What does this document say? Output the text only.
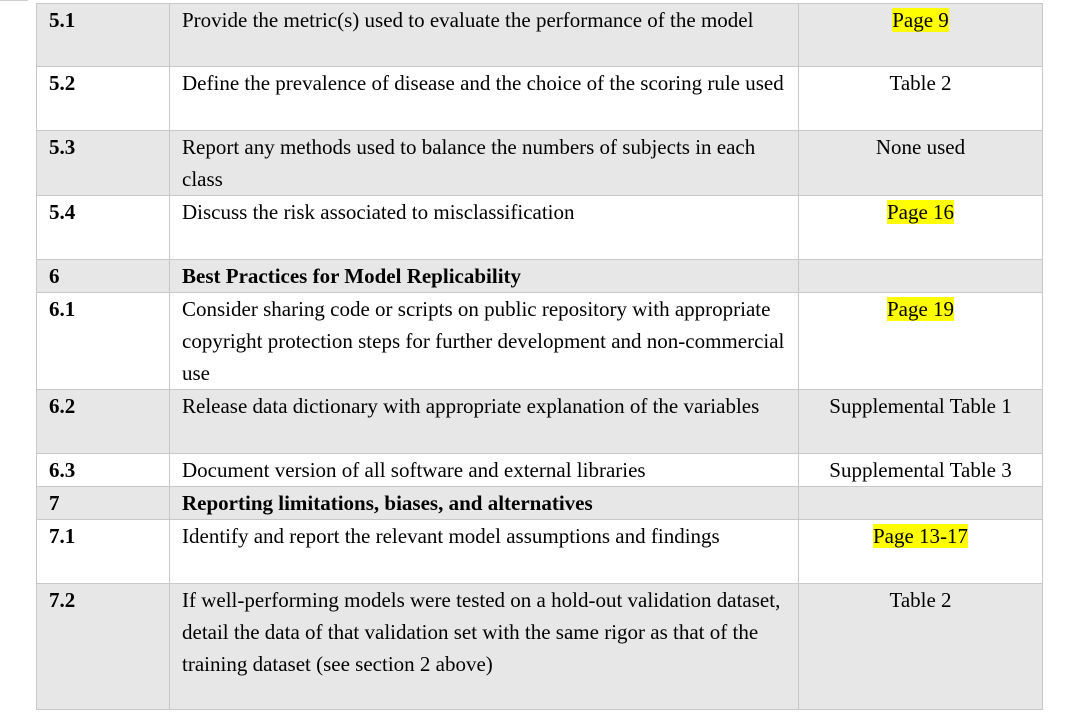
5.1	Provide the metric(s) used to evaluate the performance of the model	Page 9
5.2	Define the prevalence of disease and the choice of the scoring rule used	Table 2
5.3	Report any methods used to balance the numbers of subjects in each class	None used
5.4	Discuss the risk associated to misclassification	Page 16
6	Best Practices for Model Replicability	
6.1	Consider sharing code or scripts on public repository with appropriate copyright protection steps for further development and non-commercial use	Page 19
6.2	Release data dictionary with appropriate explanation of the variables	Supplemental Table 1
6.3	Document version of all software and external libraries	Supplemental Table 3
7	Reporting limitations, biases, and alternatives	
7.1	Identify and report the relevant model assumptions and findings	Page 13-17
7.2	If well-performing models were tested on a hold-out validation dataset, detail the data of that validation set with the same rigor as that of the training dataset (see section 2 above)	Table 2
